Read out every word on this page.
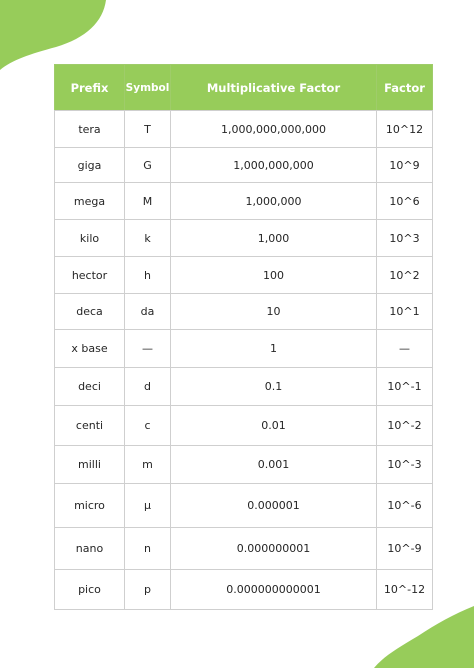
Prefix	Symbol	Multiplicative Factor	Factor
tera	T	1,000,000,000,000	10^12
giga	G	1,000,000,000	10^9
mega	M	1,000,000	10^6
kilo	k	1,000	10^3
hector	h	100	10^2
deca	da	10	10^1
x base	—	1	—
deci	d	0.1	10^-1
centi	c	0.01	10^-2
milli	m	0.001	10^-3
micro	μ	0.000001	10^-6
nano	n	0.000000001	10^-9
pico	p	0.000000000001	10^-12
